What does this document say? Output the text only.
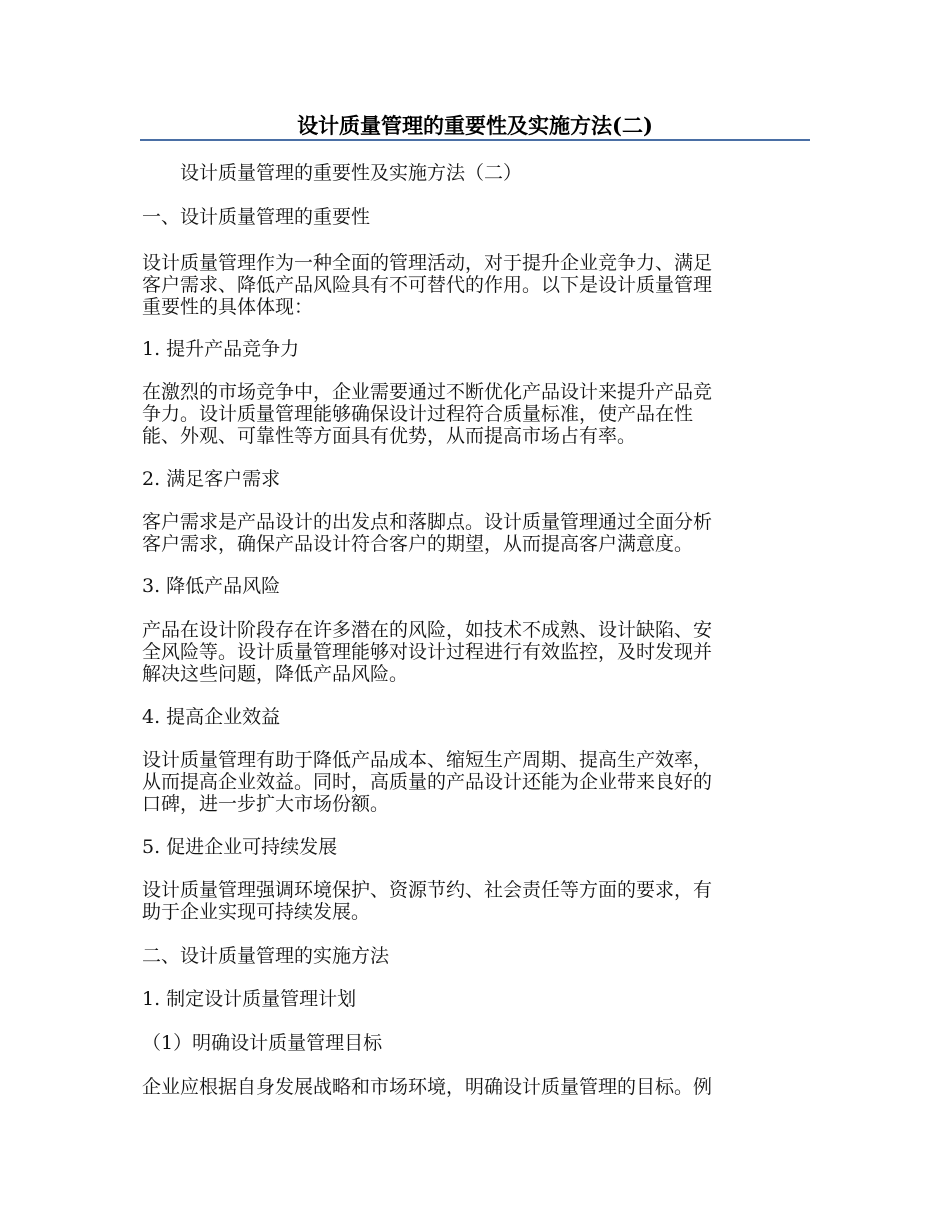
设计质量管理的重要性及实施方法(二)
　　设计质量管理的重要性及实施方法（二）
一、设计质量管理的重要性
设计质量管理作为一种全面的管理活动，对于提升企业竞争力、满足
客户需求、降低产品风险具有不可替代的作用。以下是设计质量管理
重要性的具体体现：
1. 提升产品竞争力
在激烈的市场竞争中，企业需要通过不断优化产品设计来提升产品竞
争力。设计质量管理能够确保设计过程符合质量标准，使产品在性
能、外观、可靠性等方面具有优势，从而提高市场占有率。
2. 满足客户需求
客户需求是产品设计的出发点和落脚点。设计质量管理通过全面分析
客户需求，确保产品设计符合客户的期望，从而提高客户满意度。
3. 降低产品风险
产品在设计阶段存在许多潜在的风险，如技术不成熟、设计缺陷、安
全风险等。设计质量管理能够对设计过程进行有效监控，及时发现并
解决这些问题，降低产品风险。
4. 提高企业效益
设计质量管理有助于降低产品成本、缩短生产周期、提高生产效率，
从而提高企业效益。同时，高质量的产品设计还能为企业带来良好的
口碑，进一步扩大市场份额。
5. 促进企业可持续发展
设计质量管理强调环境保护、资源节约、社会责任等方面的要求，有
助于企业实现可持续发展。
二、设计质量管理的实施方法
1. 制定设计质量管理计划
（1）明确设计质量管理目标
企业应根据自身发展战略和市场环境，明确设计质量管理的目标。例
